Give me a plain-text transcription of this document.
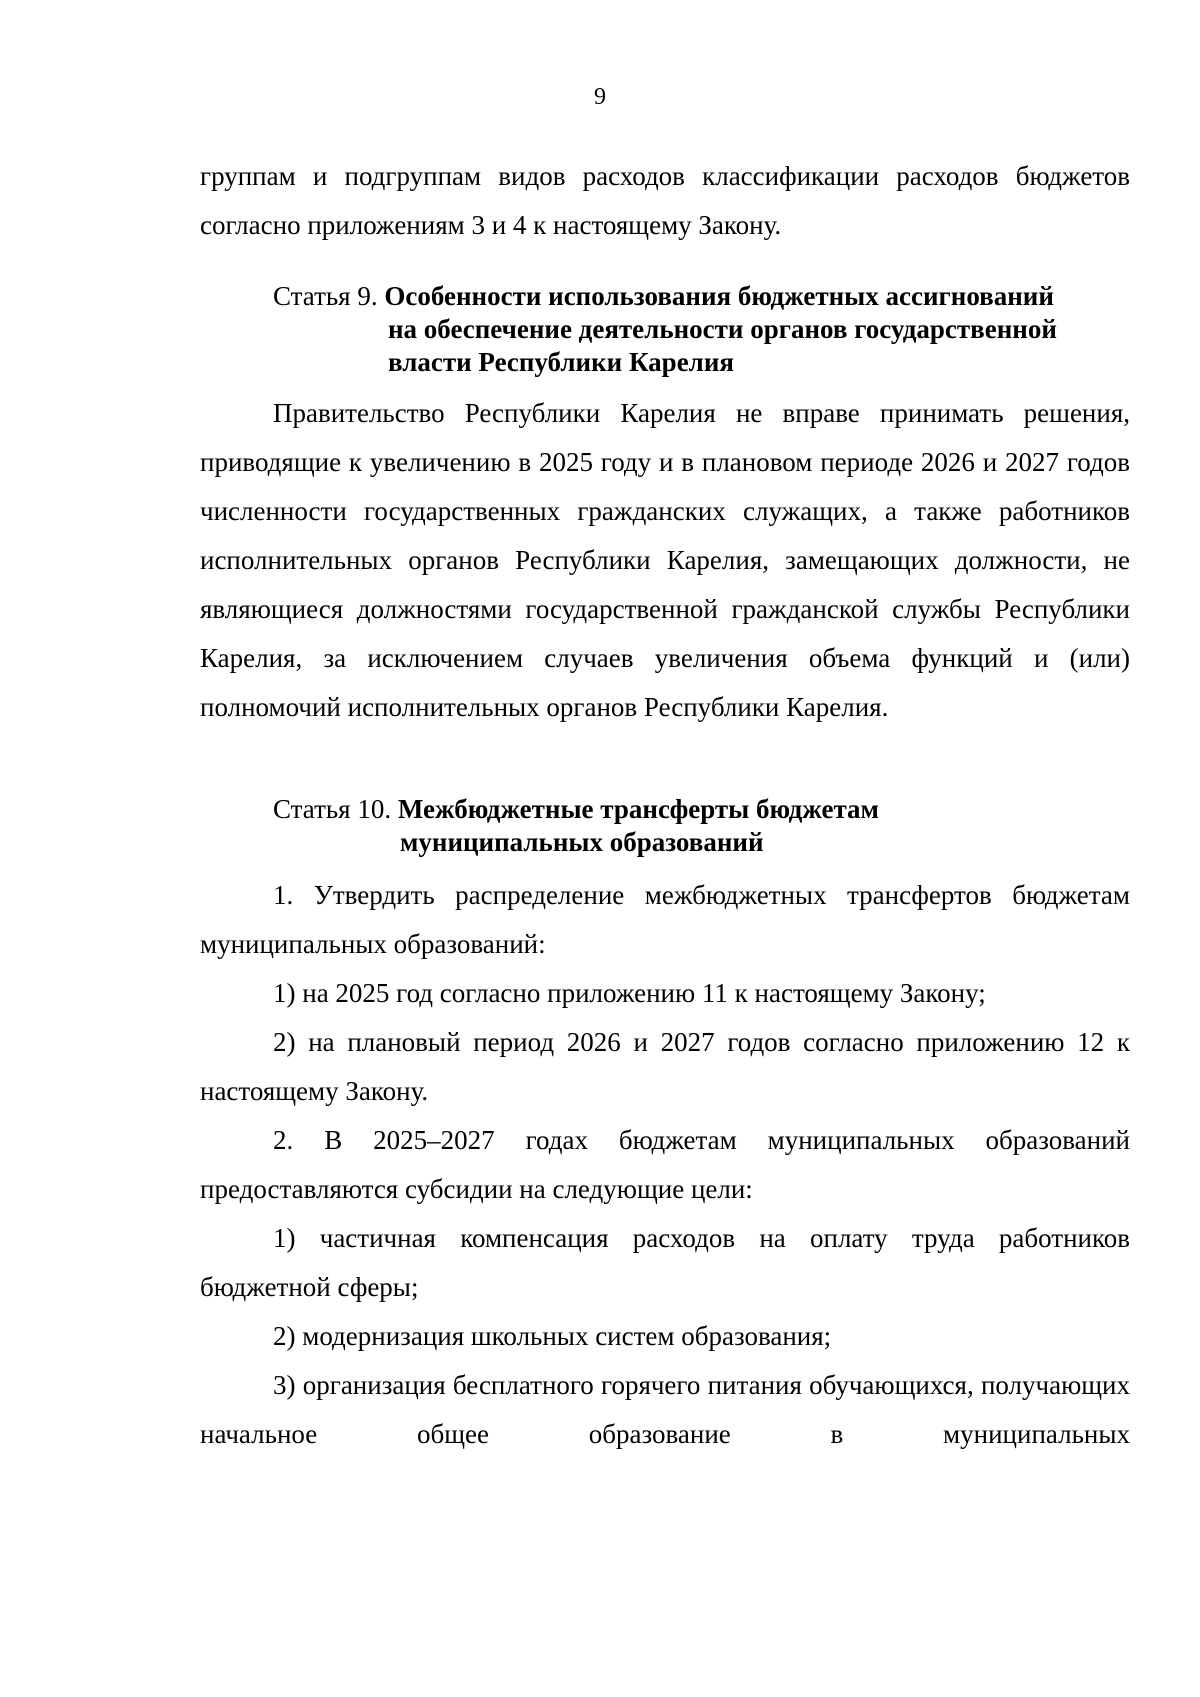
9

группам и подгруппам видов расходов классификации расходов бюджетов согласно приложениям 3 и 4 к настоящему Закону.

Статья 9. Особенности использования бюджетных ассигнований
на обеспечение деятельности органов государственной
власти Республики Карелия

Правительство Республики Карелия не вправе принимать решения, приводящие к увеличению в 2025 году и в плановом периоде 2026 и 2027 годов численности государственных гражданских служащих, а также работников исполнительных органов Республики Карелия, замещающих должности, не являющиеся должностями государственной гражданской службы Республики Карелия, за исключением случаев увеличения объема функций и (или) полномочий исполнительных органов Республики Карелия.

Статья 10. Межбюджетные трансферты бюджетам
муниципальных образований

1. Утвердить распределение межбюджетных трансфертов бюджетам муниципальных образований:

1) на 2025 год согласно приложению 11 к настоящему Закону;

2) на плановый период 2026 и 2027 годов согласно приложению 12 к настоящему Закону.

2. В 2025–2027 годах бюджетам муниципальных образований предоставляются субсидии на следующие цели:

1) частичная компенсация расходов на оплату труда работников бюджетной сферы;

2) модернизация школьных систем образования;

3) организация бесплатного горячего питания обучающихся, получающих начальное общее образование в муниципальных
